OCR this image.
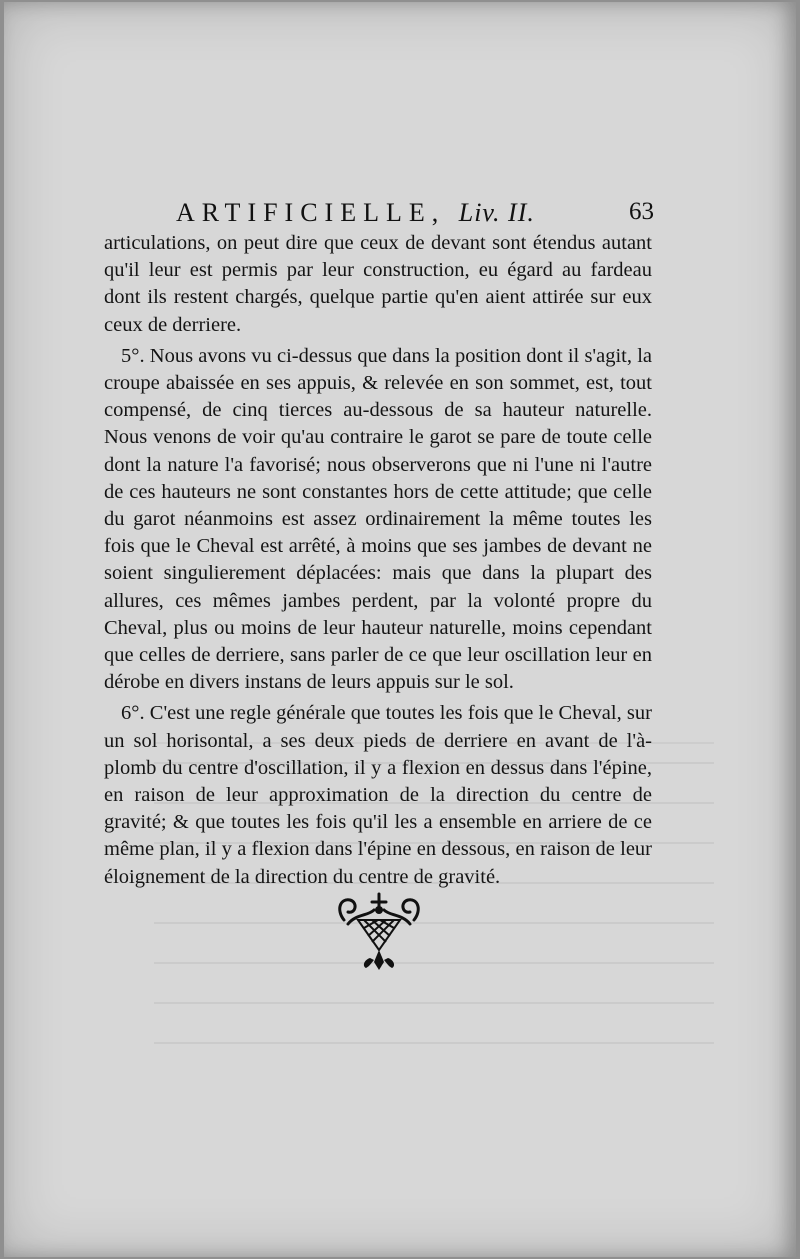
ARTIFICIELLE, Liv. II.	63

articulations, on peut dire que ceux de devant sont étendus autant qu'il leur est permis par leur construction, eu égard au fardeau dont ils restent chargés, quelque partie qu'en aient attirée sur eux ceux de derriere.

5°. Nous avons vu ci-dessus que dans la position dont il s'agit, la croupe abaissée en ses appuis, & relevée en son sommet, est, tout compensé, de cinq tierces au-dessous de sa hauteur naturelle. Nous venons de voir qu'au contraire le garot se pare de toute celle dont la nature l'a favorisé; nous observerons que ni l'une ni l'autre de ces hauteurs ne sont constantes hors de cette attitude; que celle du garot néanmoins est assez ordinairement la même toutes les fois que le Cheval est arrêté, à moins que ses jambes de devant ne soient singulierement déplacées: mais que dans la plupart des allures, ces mêmes jambes perdent, par la volonté propre du Cheval, plus ou moins de leur hauteur naturelle, moins cependant que celles de derriere, sans parler de ce que leur oscillation leur en dérobe en divers instans de leurs appuis sur le sol.

6°. C'est une regle générale que toutes les fois que le Cheval, sur un sol horisontal, a ses deux pieds de derriere en avant de l'à-plomb du centre d'oscillation, il y a flexion en dessus dans l'épine, en raison de leur approximation de la direction du centre de gravité; & que toutes les fois qu'il les a ensemble en arriere de ce même plan, il y a flexion dans l'épine en dessous, en raison de leur éloignement de la direction du centre de gravité.
